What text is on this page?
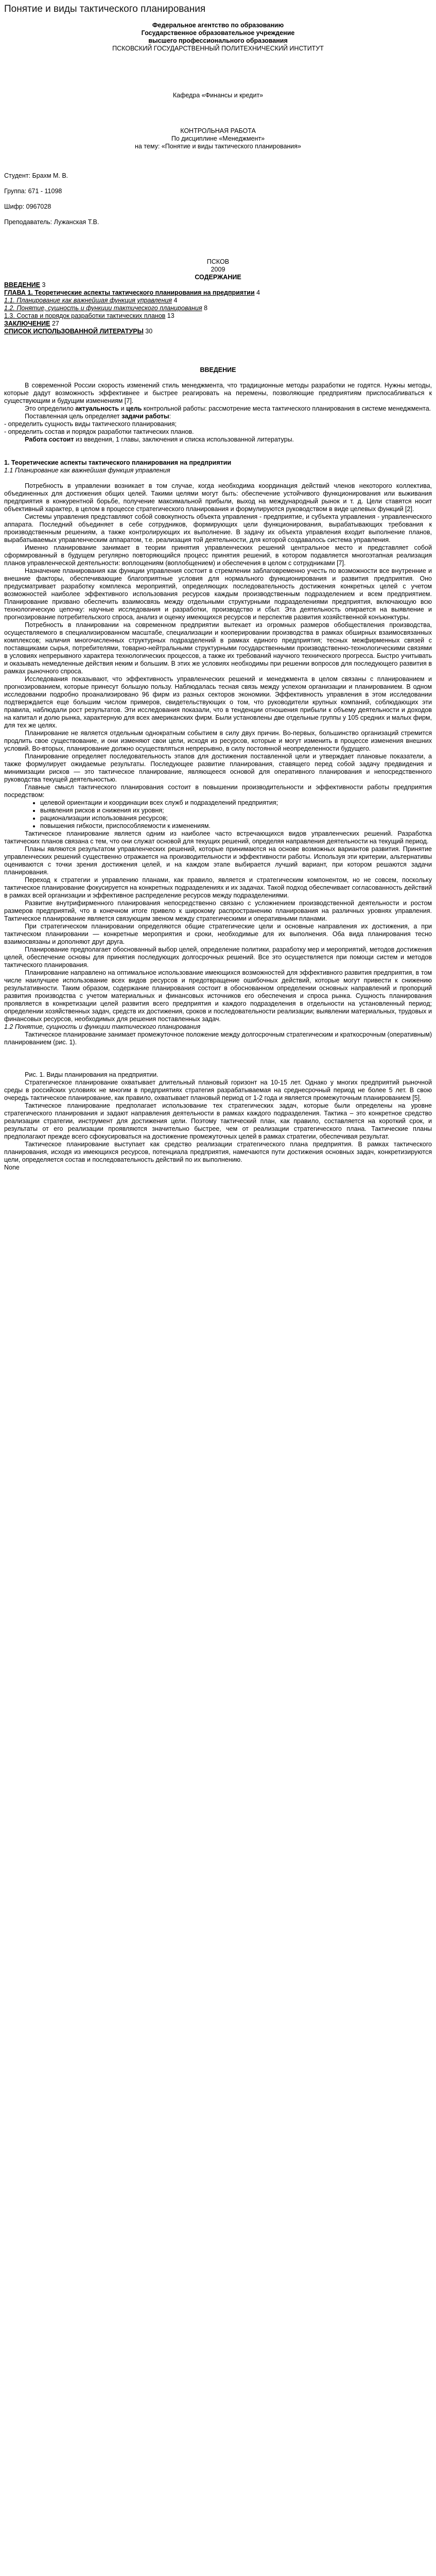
Понятие и виды тактического планирования
Федеральное агентство по образованию
Государственное образовательное учреждение
высшего профессионального образования
ПСКОВСКИЙ ГОСУДАРСТВЕННЫЙ ПОЛИТЕХНИЧЕСКИЙ ИНСТИТУТ
Кафедра «Финансы и кредит»
КОНТРОЛЬНАЯ РАБОТА
По дисциплине «Менеджмент»
на тему: «Понятие и виды тактического планирования»
Студент: Брахм М. В.
Группа: 671 - 11098
Шифр: 0967028
Преподаватель: Лужанская Т.В.
ПСКОВ
2009
СОДЕРЖАНИЕ
ВВЕДЕНИЕ 3
ГЛАВА 1. Теоретические аспекты тактического планирования на предприятии 4
1.1. Планирование как важнейшая функция управления 4
1.2. Понятие, сущность и функции тактического планирования 8
1.3. Состав и порядок разработки тактических планов 13
ЗАКЛЮЧЕНИЕ 27
СПИСОК ИСПОЛЬЗОВАННОЙ ЛИТЕРАТУРЫ 30
ВВЕДЕНИЕ

В современной России скорость изменений стиль менеджмента, что традиционные методы разработки не годятся. Нужны методы, которые дадут возможность эффективнее и быстрее реагировать на перемены, позволяющие предприятиям приспосабливаться к существующим и будущим изменениям [7].

Это определило актуальность и цель контрольной работы: рассмотрение места тактического планирования в системе менеджмента.

Поставленная цель определяет задачи работы:

- определить сущность виды тактического планирования;

- определить состав и порядок разработки тактических планов.

Работа состоит из введения, 1 главы, заключения и списка использованной литературы.

1. Теоретические аспекты тактического планирования на предприятии
1.1 Планирование как важнейшая функция управления

Потребность в управлении возникает в том случае, когда необходима координация действий членов некоторого коллектива, объединенных для достижения общих целей. Такими целями могут быть: обеспечение устойчивого функционирования или выживания предприятия в конкурентной борьбе, получение максимальной прибыли, выход на международный рынок и т. д. Цели ставятся носит объективный характер, в целом в процессе стратегического планирования и формулируются руководством в виде целевых функций [2].

Системы управления представляют собой совокупность объекта управления - предприятие, и субъекта управления - управленческого аппарата. Последний объединяет в себе сотрудников, формирующих цели функционирования, вырабатывающих требования к производственным решениям, а также контролирующих их выполнение. В задачу их объекта управления входит выполнение планов, вырабатываемых управленческим аппаратом, т.е. реализация той деятельности, для которой создавалось система управления.

Именно планирование занимает в теории принятия управленческих решений центральное место и представляет собой сформированный в будущем регулярно повторяющийся процесс принятия решений, в котором подавляется многоэтапная реализация планов управленческой деятельности: воплощениям (воплобщением) и обеспечения в целом с сотрудниками [7].

Назначение планирования как функции управления состоит в стремлении заблаговременно учесть по возможности все внутренние и внешние факторы, обеспечивающие благоприятные условия для нормального функционирования и развития предприятия. Оно предусматривает разработку комплекса мероприятий, определяющих последовательность достижения конкретных целей с учетом возможностей наиболее эффективного использования ресурсов каждым производственным подразделением и всем предприятием. Планирование призвано обеспечить взаимосвязь между отдельными структурными подразделениями предприятия, включающую всю технологическую цепочку: научные исследования и разработки, производство и сбыт. Эта деятельность опирается на выявление и прогнозирование потребительского спроса, анализ и оценку имеющихся ресурсов и перспектив развития хозяйственной конъюнктуры.

Потребность в планировании на современном предприятии вытекает из огромных размеров обобществления производства, осуществляемого в специализированном масштабе, специализации и кооперировании производства в рамках обширных взаимосвязанных комплексов; наличия многочисленных структурных подразделений в рамках единого предприятия; тесных межфирменных связей с поставщиками сырья, потребителями, товарно-нейтральными структурными государственными производственно-технологическими связями в условиях непрерывного характера технологических процессов, а также их требований научного технического прогресса. Быстро учитывать и оказывать немедленные действия неким и большим. В этих же условиях необходимы при решении вопросов для последующего развития в рамках рыночного спроса.

Исследования показывают, что эффективность управленческих решений и менеджмента в целом связаны с планированием и прогнозированием, которые принесут большую пользу. Наблюдалась тесная связь между успехом организации и планированием. В одном исследовании подробно проанализировано 96 фирм из разных секторов экономики. Эффективность управления в этом исследовании подтверждается еще большим числом примеров, свидетельствующих о том, что руководители крупных компаний, соблюдающих эти правила, наблюдали рост результатов. Эти исследования показали, что в тенденции отношения прибыли к объему деятельности и доходов на капитал и долю рынка, характерную для всех американских фирм. Были установлены две отдельные группы у 105 средних и малых фирм, для тех же целях.

Планирование не является отдельным однократным событием в силу двух причин. Во-первых, большинство организаций стремится продлить свое существование, и они изменяют свои цели, исходя из ресурсов, которые и могут изменить в процессе изменения внешних условий. Во-вторых, планирование должно осуществляться непрерывно, в силу постоянной неопределенности будущего.

Планирование определяет последовательность этапов для достижения поставленной цели и утверждает плановые показатели, а также формулирует ожидаемые результаты. Последующее развитие планирования, ставящего перед собой задачу предвидения и минимизации рисков — это тактическое планирование, являющееся основой для оперативного планирования и непосредственного руководства текущей деятельностью.

Главные смысл тактического планирования состоит в повышении производительности и эффективности работы предприятия посредством:

• целевой ориентации и координации всех служб и подразделений предприятия;
• выявления рисков и снижения их уровня;
• рационализации использования ресурсов;
• повышения гибкости, приспособляемости к изменениям.

Тактическое планирование является одним из наиболее часто встречающихся видов управленческих решений. Разработка тактических планов связана с тем, что они служат основой для текущих решений, определяя направления деятельности на текущий период.

Планы являются результатом управленческих решений, которые принимаются на основе возможных вариантов развития. Принятие управленческих решений существенно отражается на производительности и эффективности работы. Используя эти критерии, альтернативы оцениваются с точки зрения достижения целей, и на каждом этапе выбирается лучший вариант, при котором решаются задачи планирования.

Переход к стратегии и управлению планами, как правило, является и стратегическим компонентом, но не совсем, поскольку тактическое планирование фокусируется на конкретных подразделениях и их задачах. Такой подход обеспечивает согласованность действий в рамках всей организации и эффективное распределение ресурсов между подразделениями.

Развитие внутрифирменного планирования непосредственно связано с усложнением производственной деятельности и ростом размеров предприятий, что в конечном итоге привело к широкому распространению планирования на различных уровнях управления. Тактическое планирование является связующим звеном между стратегическими и оперативными планами.

При стратегическом планировании определяются общие стратегические цели и основные направления их достижения, а при тактическом планировании — конкретные мероприятия и сроки, необходимые для их выполнения. Оба вида планирования тесно взаимосвязаны и дополняют друг друга.

Планирование предполагает обоснованный выбор целей, определение политики, разработку мер и мероприятий, методов достижения целей, обеспечение основы для принятия последующих долгосрочных решений. Все это осуществляется при помощи систем и методов тактического планирования.

Планирование направлено на оптимальное использование имеющихся возможностей для эффективного развития предприятия, в том числе наилучшее использование всех видов ресурсов и предотвращение ошибочных действий, которые могут привести к снижению результативности. Таким образом, содержание планирования состоит в обоснованном определении основных направлений и пропорций развития производства с учетом материальных и финансовых источников его обеспечения и спроса рынка. Сущность планирования проявляется в конкретизации целей развития всего предприятия и каждого подразделения в отдельности на установленный период; определении хозяйственных задач, средств их достижения, сроков и последовательности реализации; выявлении материальных, трудовых и финансовых ресурсов, необходимых для решения поставленных задач.

1.2 Понятие, сущность и функции тактического планирования

Тактическое планирование занимает промежуточное положение между долгосрочным стратегическим и краткосрочным (оперативным) планированием (рис. 1).

Рис. 1. Виды планирования на предприятии.

Стратегическое планирование охватывает длительный плановый горизонт на 10-15 лет. Однако у многих предприятий рыночной среды в российских условиях не многим в предприятиях стратегия разрабатываемая на среднесрочный период не более 5 лет. В свою очередь тактическое планирование, как правило, охватывает плановый период от 1-2 года и является промежуточным планированием [5].

Тактическое планирование предполагает использование тех стратегических задач, которые были определены на уровне стратегического планирования и задают направления деятельности в рамках каждого подразделения. Тактика – это конкретное средство реализации стратегии, инструмент для достижения цели. Поэтому тактический план, как правило, составляется на короткий срок, и результаты от его реализации проявляются значительно быстрее, чем от реализации стратегического плана. Тактические планы предполагают прежде всего сфокусироваться на достижение промежуточных целей в рамках стратегии, обеспечивая результат.

Тактическое планирование выступает как средство реализации стратегического плана предприятия. В рамках тактического планирования, исходя из имеющихся ресурсов, потенциала предприятия, намечаются пути достижения основных задач, конкретизируются цели, определяется состав и последовательность действий по их выполнению.

None
